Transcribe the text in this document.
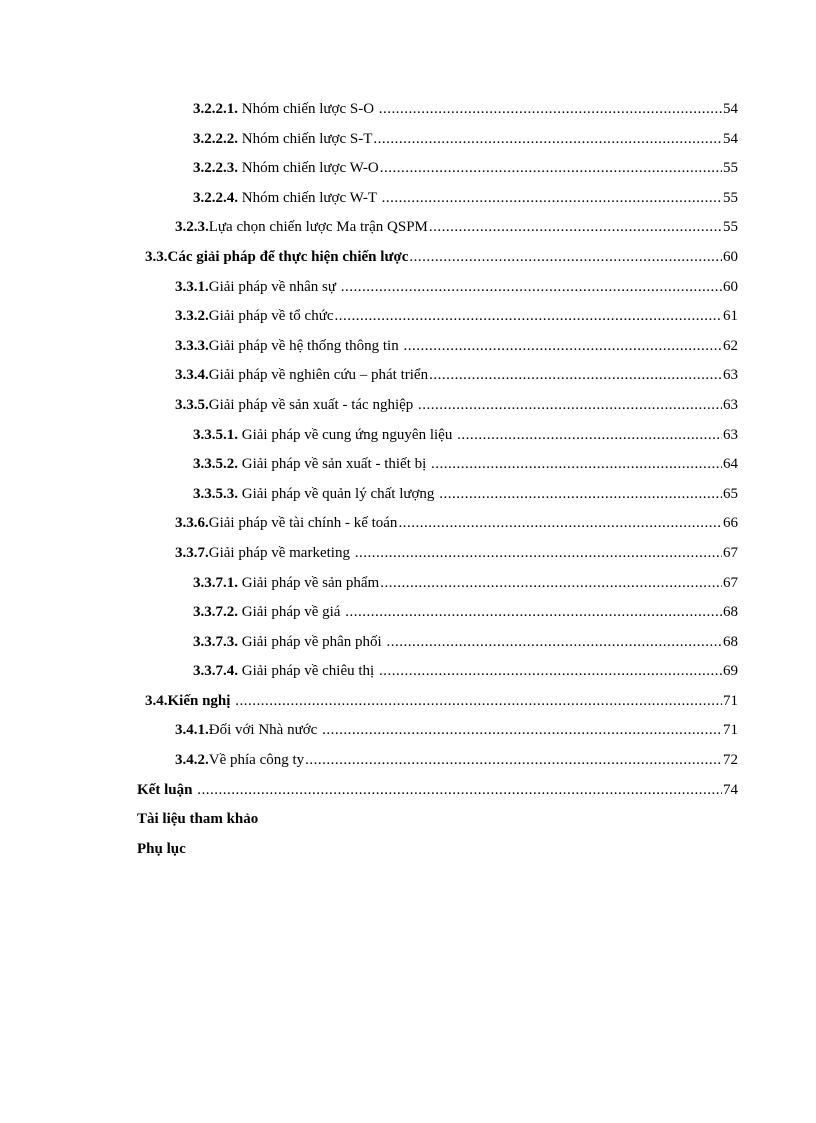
3.2.2.1. Nhóm chiến lược S-O .....	54
3.2.2.2. Nhóm chiến lược S-T .....	54
3.2.2.3. Nhóm chiến lược W-O .....	55
3.2.2.4. Nhóm chiến lược W-T .....	55
3.2.3. Lựa chọn chiến lược Ma trận QSPM .....	55
3.3. Các giải pháp để thực hiện chiến lược .....	60
3.3.1. Giải pháp về nhân sự .....	60
3.3.2. Giải pháp về tổ chức .....	61
3.3.3. Giải pháp về hệ thống thông tin .....	62
3.3.4. Giải pháp về nghiên cứu – phát triển .....	63
3.3.5. Giải pháp về sản xuất - tác nghiệp .....	63
3.3.5.1. Giải pháp về cung ứng nguyên liệu .....	63
3.3.5.2. Giải pháp về sản xuất - thiết bị .....	64
3.3.5.3. Giải pháp về quản lý chất lượng .....	65
3.3.6. Giải pháp về tài chính - kế toán .....	66
3.3.7. Giải pháp về marketing .....	67
3.3.7.1. Giải pháp về sản phẩm .....	67
3.3.7.2. Giải pháp về giá .....	68
3.3.7.3. Giải pháp về phân phối .....	68
3.3.7.4. Giải pháp về chiêu thị .....	69
3.4. Kiến nghị .....	71
3.4.1. Đối với Nhà nước .....	71
3.4.2. Về phía công ty .....	72
Kết luận .....	74
Tài liệu tham khảo
Phụ lục
